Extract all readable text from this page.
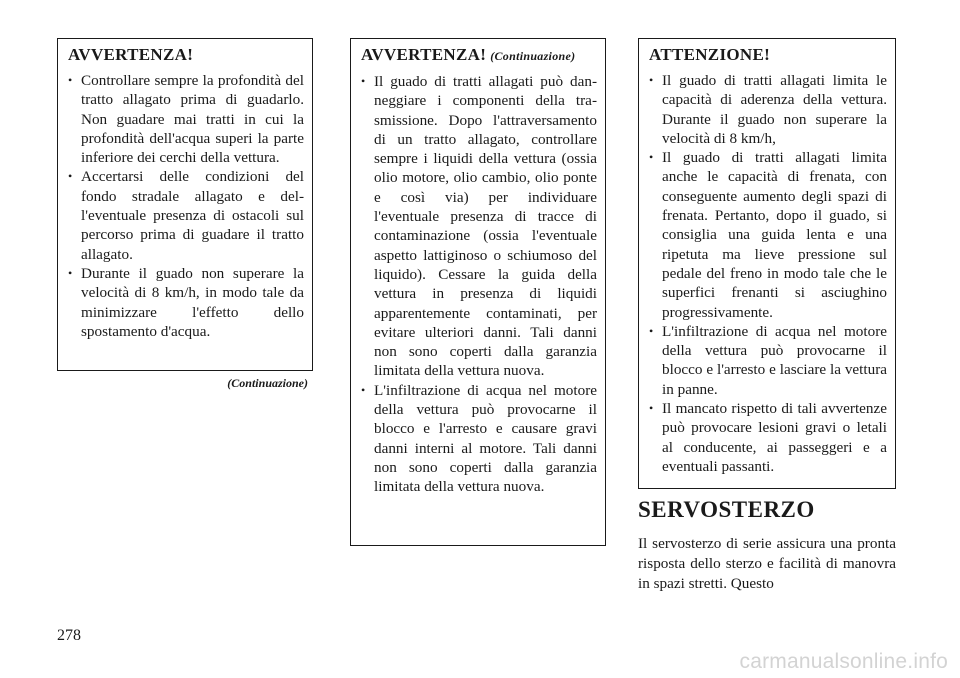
AVVERTENZA!
• Controllare sempre la profondità del tratto allagato prima di guadarlo. Non guadare mai tratti in cui la profondità dell'acqua superi la parte inferiore dei cerchi della vettura.
• Accertarsi delle condizioni del fondo stradale allagato e dell'eventuale presenza di ostacoli sul percorso prima di guadare il tratto allagato.
• Durante il guado non superare la velocità di 8 km/h, in modo tale da minimizzare l'effetto dello spostamento d'acqua.
(Continuazione)
AVVERTENZA! (Continuazione)
• Il guado di tratti allagati può danneggiare i componenti della trasmissione. Dopo l'attraversamento di un tratto allagato, controllare sempre i liquidi della vettura (ossia olio motore, olio cambio, olio ponte e così via) per individuare l'eventuale presenza di tracce di contaminazione (ossia l'eventuale aspetto lattiginoso o schiumoso del liquido). Cessare la guida della vettura in presenza di liquidi apparentemente contaminati, per evitare ulteriori danni. Tali danni non sono coperti dalla garanzia limitata della vettura nuova.
• L'infiltrazione di acqua nel motore della vettura può provocarne il blocco e l'arresto e causare gravi danni interni al motore. Tali danni non sono coperti dalla garanzia limitata della vettura nuova.
ATTENZIONE!
• Il guado di tratti allagati limita le capacità di aderenza della vettura. Durante il guado non superare la velocità di 8 km/h,
• Il guado di tratti allagati limita anche le capacità di frenata, con conseguente aumento degli spazi di frenata. Pertanto, dopo il guado, si consiglia una guida lenta e una ripetuta ma lieve pressione sul pedale del freno in modo tale che le superfici frenanti si asciughino progressivamente.
• L'infiltrazione di acqua nel motore della vettura può provocarne il blocco e l'arresto e lasciare la vettura in panne.
• Il mancato rispetto di tali avvertenze può provocare lesioni gravi o letali al conducente, ai passeggeri e a eventuali passanti.
SERVOSTERZO

Il servosterzo di serie assicura una pronta risposta dello sterzo e facilità di manovra in spazi stretti. Questo

278
carmanualsonline.info
